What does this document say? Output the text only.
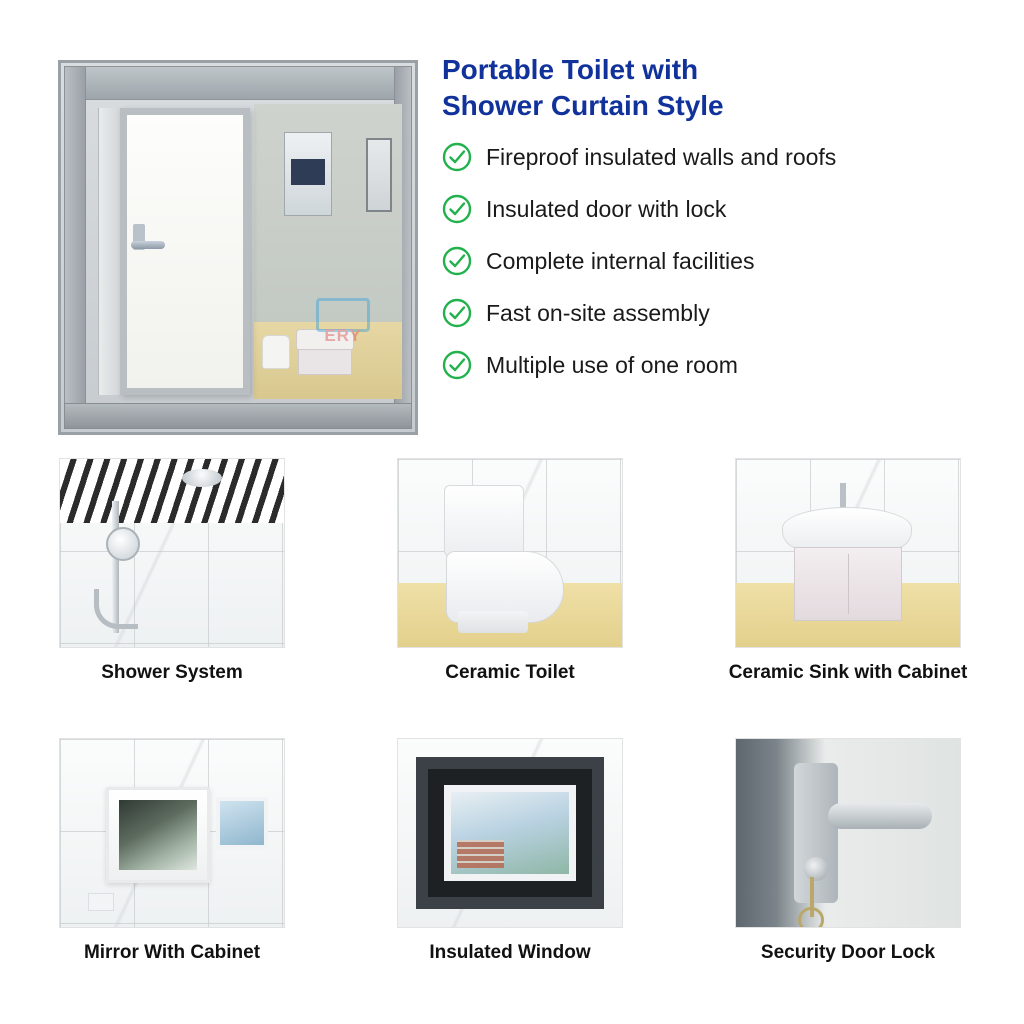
ERY
Portable Toilet with
Shower Curtain Style
Fireproof insulated walls and roofs
Insulated door with lock
Complete internal facilities
Fast on-site assembly
Multiple use of one room
Shower System	Ceramic Toilet	Ceramic Sink with Cabinet
Mirror With Cabinet	Insulated Window	Security Door Lock
